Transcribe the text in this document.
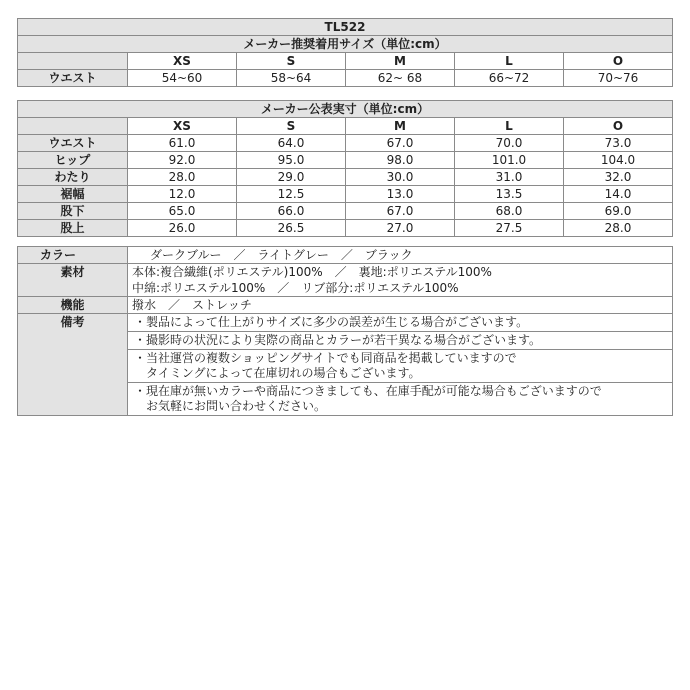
TL522					
メーカー推奨着用サイズ（単位:cm）					
	XS	S	M	L	O
ウエスト	54~60	58~64	62~ 68	66~72	70~76
メーカー公表実寸（単位:cm）					
	XS	S	M	L	O
ウエスト	61.0	64.0	67.0	70.0	73.0
ヒップ	92.0	95.0	98.0	101.0	104.0
わたり	28.0	29.0	30.0	31.0	32.0
裾幅	12.0	12.5	13.0	13.5	14.0
股下	65.0	66.0	67.0	68.0	69.0
股上	26.0	26.5	27.0	27.5	28.0
カラー	ダークブルー　／　ライトグレー　／　ブラック
素材	本体:複合繊維(ポリエステル)100%　／　裏地:ポリエステル100%
中綿:ポリエステル100%　／　リブ部分:ポリエステル100%

機能	撥水　／　ストレッチ
備考	・製品によって仕上がりサイズに多少の誤差が生じる場合がございます。
	・撮影時の状況により実際の商品とカラーが若干異なる場合がございます。

	・当社運営の複数ショッピングサイトでも同商品を掲載していますので
タイミングによって在庫切れの場合もございます。

	・現在庫が無いカラーや商品につきましても、在庫手配が可能な場合もございますので
お気軽にお問い合わせください。
